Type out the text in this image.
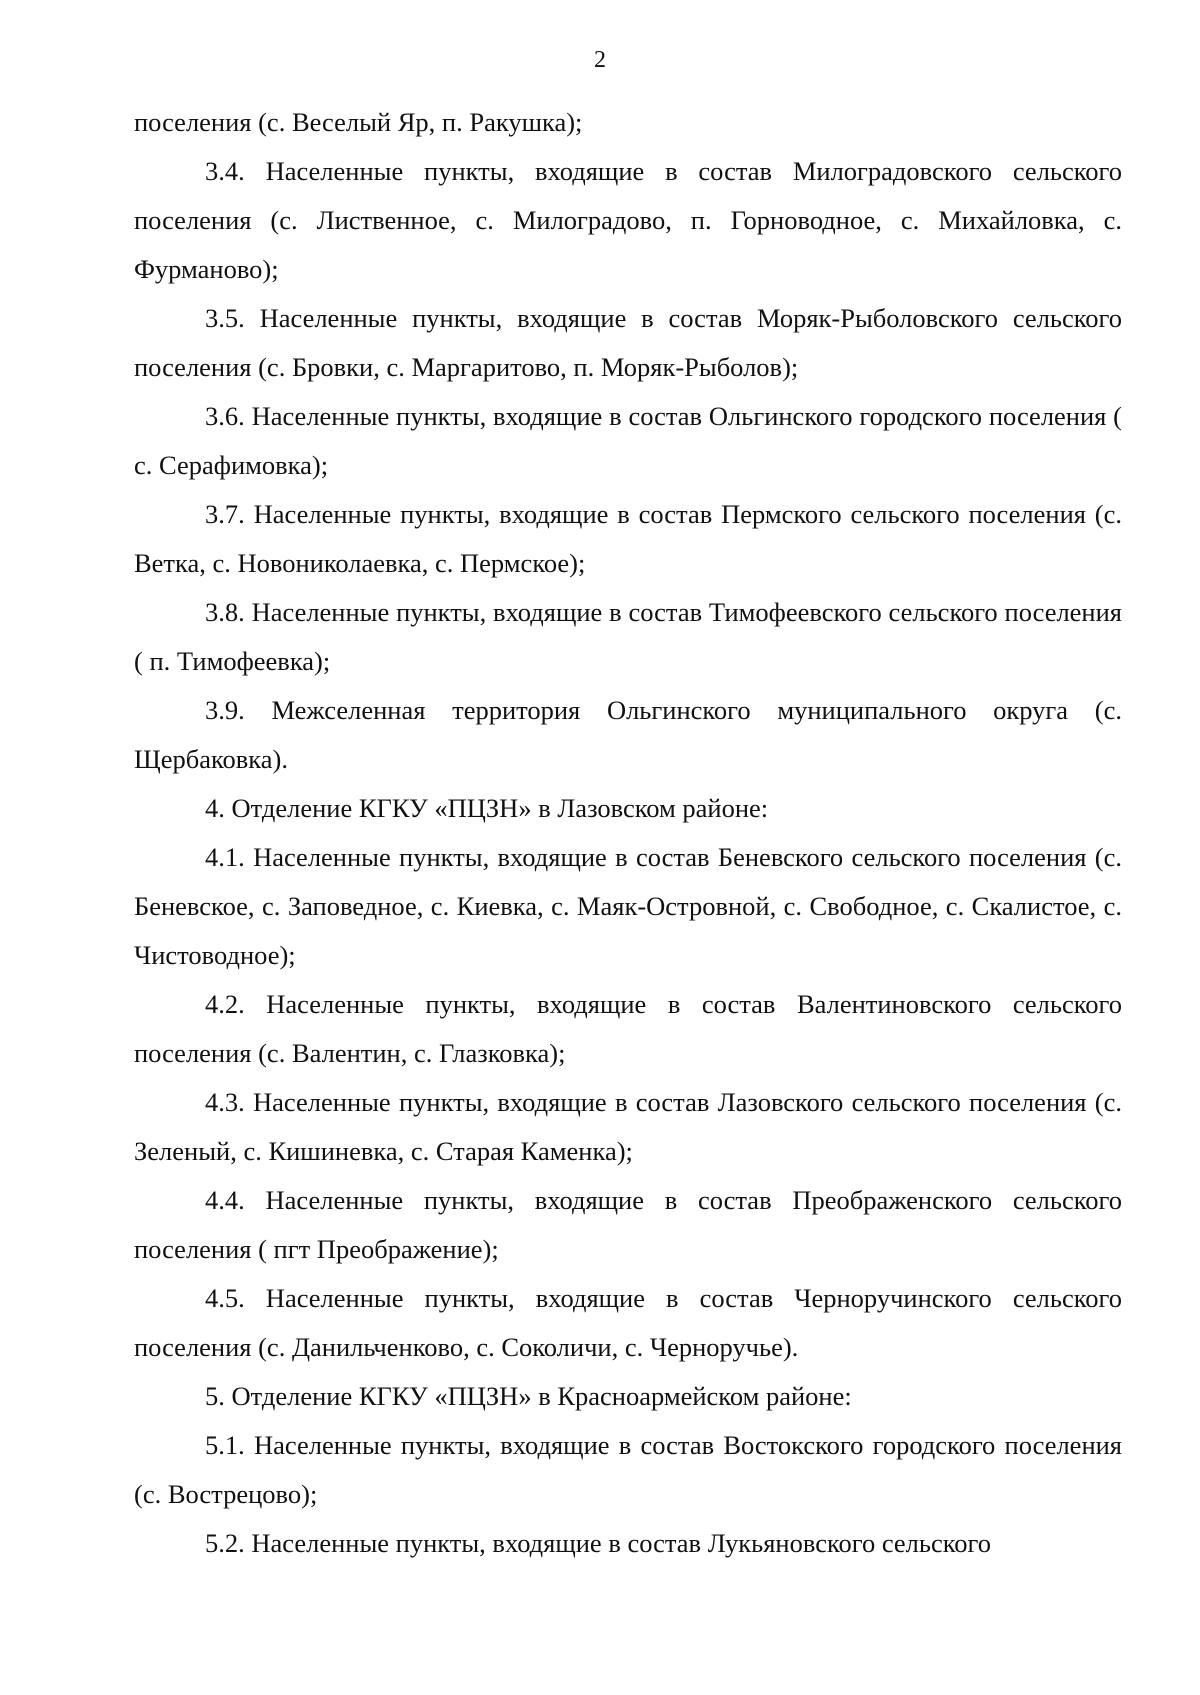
2

поселения (с. Веселый Яр, п. Ракушка);

3.4. Населенные пункты, входящие в состав Милоградовского сельского поселения (с. Лиственное, с. Милоградово, п. Горноводное, с. Михайловка, с. Фурманово);

3.5. Населенные пункты, входящие в состав Моряк-Рыболовского сельского поселения (с. Бровки, с. Маргаритово, п. Моряк-Рыболов);

3.6. Населенные пункты, входящие в состав Ольгинского городского поселения ( с. Серафимовка);

3.7. Населенные пункты, входящие в состав Пермского сельского поселения (с. Ветка, с. Новониколаевка, с. Пермское);

3.8. Населенные пункты, входящие в состав Тимофеевского сельского поселения ( п. Тимофеевка);

3.9. Межселенная территория Ольгинского муниципального округа (с. Щербаковка).

4. Отделение КГКУ «ПЦЗН» в Лазовском районе:

4.1. Населенные пункты, входящие в состав Беневского сельского поселения (с. Беневское, с. Заповедное, с. Киевка, с. Маяк-Островной, с. Свободное, с. Скалистое, с. Чистоводное);

4.2. Населенные пункты, входящие в состав Валентиновского сельского поселения (с. Валентин, с. Глазковка);

4.3. Населенные пункты, входящие в состав Лазовского сельского поселения (с. Зеленый, с. Кишиневка, с. Старая Каменка);

4.4. Населенные пункты, входящие в состав Преображенского сельского поселения ( пгт Преображение);

4.5. Населенные пункты, входящие в состав Черноручинского сельского поселения (с. Данильченково, с. Соколичи, с. Черноручье).

5. Отделение КГКУ «ПЦЗН» в Красноармейском районе:

5.1. Населенные пункты, входящие в состав Востокского городского поселения (с. Вострецово);

5.2. Населенные пункты, входящие в состав Лукьяновского сельского
